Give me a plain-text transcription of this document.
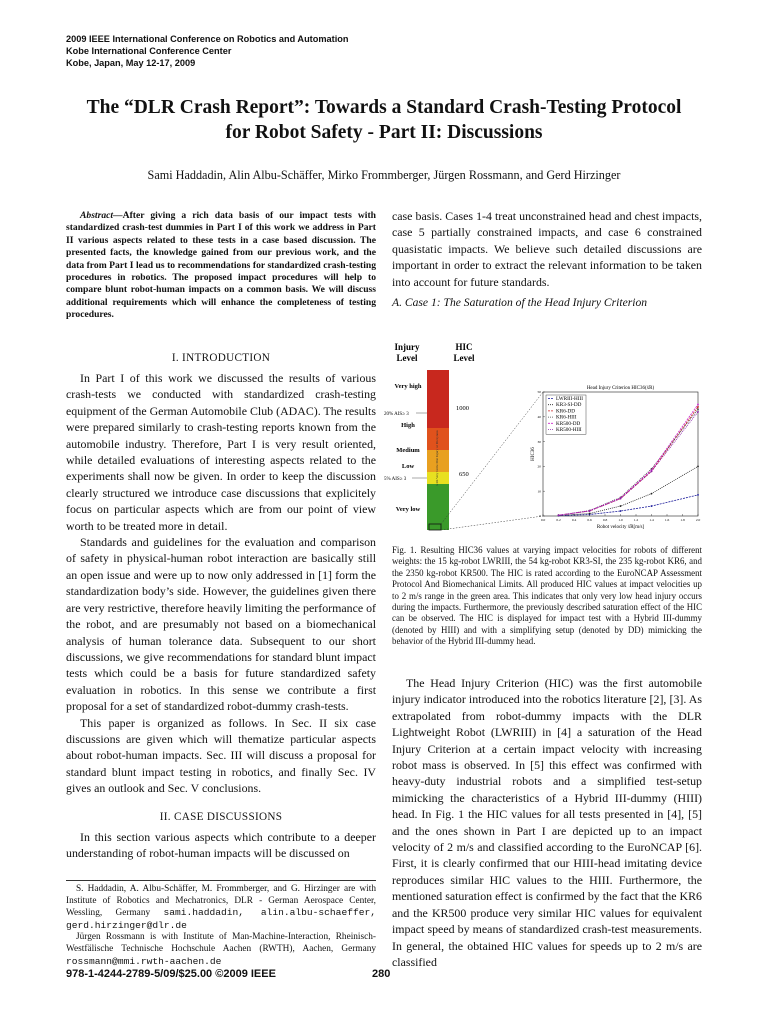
2009 IEEE International Conference on Robotics and Automation
Kobe International Conference Center
Kobe, Japan, May 12-17, 2009
The “DLR Crash Report”: Towards a Standard Crash-Testing Protocol
for Robot Safety - Part II: Discussions
Sami Haddadin, Alin Albu-Schäffer, Mirko Frommberger, Jürgen Rossmann, and Gerd Hirzinger
Abstract—After giving a rich data basis of our impact tests with standardized crash-test dummies in Part I of this work we address in Part II various aspects related to these tests in a case based discussion. The presented facts, the knowledge gained from our previous work, and the data from Part I lead us to recommendations for standardized crash-testing procedures in robotics. The proposed impact procedures will help to compare blunt robot-human impacts on a common basis. We will discuss additional requirements which will enhance the completeness of testing procedures.
I. INTRODUCTION

In Part I of this work we discussed the results of various crash-tests we conducted with standardized crash-testing equipment of the German Automobile Club (ADAC). The results were prepared similarly to crash-testing reports known from the automobile industry. Therefore, Part I is very result oriented, while detailed evaluations of interesting aspects related to the experiments shall now be given. In order to keep the discussion clearly structured we introduce case discussions that explicitely focus on particular aspects which are from our point of view worth to be treated more in detail.

Standards and guidelines for the evaluation and comparison of safety in physical-human robot interaction are basically still an open issue and were up to now only addressed in [1] form the standardization body’s side. However, the guidelines given there are very restrictive, therefore heavily limiting the performance of the robot, and are presumably not based on a biomechanical analysis of human tolerance data. Subsequent to our short discussions, we give recommendations for standard blunt impact tests which could be a basis for future standardized safety evaluation in robotics. In this sense we contribute a first proposal for a set of standardized robot-dummy crash-tests.

This paper is organized as follows. In Sec. II six case discussions are given which will thematize particular aspects about robot-human impacts. Sec. III will discuss a proposal for standard blunt impact testing in robotics, and finally Sec. IV gives an outlook and Sec. V conclusions.

II. CASE DISCUSSIONS

In this section various aspects which contribute to a deeper understanding of robot-human impacts will be discussed on

S. Haddadin, A. Albu-Schäffer, M. Frommberger, and G. Hirzinger are with Institute of Robotics and Mechatronics, DLR - German Aerospace Center, Wessling, Germany sami.haddadin, alin.albu-schaeffer, gerd.hirzinger@dlr.de
Jürgen Rossmann is with Institute of Man-Machine-Interaction, Rheinisch-Westfälische Technische Hochschule Aachen (RWTH), Aachen, Germany rossmann@mmi.rwth-aachen.de

case basis. Cases 1-4 treat unconstrained head and chest impacts, case 5 partially constrained impacts, and case 6 constrained quasistatic impacts. We believe such detailed discussions are important in order to extract the relevant information to be taken into account for future standards.

A. Case 1: The Saturation of the Head Injury Criterion
Injury Level
HIC Level
with Very Little Dist Injury or Dizzyness
Very high
High
Medium
Low
Very low
20% AIS≥ 3
5% AIS≥ 3
1000
650
0.0	0.2	0.4	0.6	0.8	1.0	1.2	1.4	1.6	1.8	2.0
0
10
20
30
40
50
Head Injury Criterion HIC36(ẋ̇R)
Robot velocity ẋ̇R[m/s]
HIC36
LWRIII-HIII
KR3-SI-DD
KR6-DD
KR6-HIII
KR500-DD
KR500-HIII
Fig. 1. Resulting HIC36 values at varying impact velocities for robots of different weights: the 15 kg-robot LWRIII, the 54 kg-robot KR3-SI, the 235 kg-robot KR6, and the 2350 kg-robot KR500. The HIC is rated according to the EuroNCAP Assessment Protocol And Biomechanical Limits. All produced HIC values at impact velocities up to 2 m/s range in the green area. This indicates that only very low head injury occurs during the impacts. Furthermore, the previously described saturation effect of the HIC can be observed. The HIC is displayed for impact test with a Hybrid III-dummy (denoted by HIII) and with a simplifying setup (denoted by DD) mimicking the behavior of the Hybrid III-dummy head.

The Head Injury Criterion (HIC) was the first automobile injury indicator introduced into the robotics literature [2], [3]. As extrapolated from robot-dummy impacts with the DLR Lightweight Robot (LWRIII) in [4] a saturation of the Head Injury Criterion at a certain impact velocity with increasing robot mass is observed. In [5] this effect was confirmed with heavy-duty industrial robots and a simplified test-setup mimicking the characteristics of a Hybrid III-dummy (HIII) head. In Fig. 1 the HIC values for all tests presented in [4], [5] and the ones shown in Part I are depicted up to an impact velocity of 2 m/s and classified according to the EuroNCAP [6]. First, it is clearly confirmed that our HIII-head imitating device reproduces similar HIC values to the HIII. Furthermore, the mentioned saturation effect is confirmed by the fact that the KR6 and the KR500 produce very similar HIC values for equivalent impact speed by means of standardized crash-test measurements. In general, the obtained HIC values for speeds up to 2 m/s are classified

978-1-4244-2789-5/09/$25.00 ©2009 IEEE	280
